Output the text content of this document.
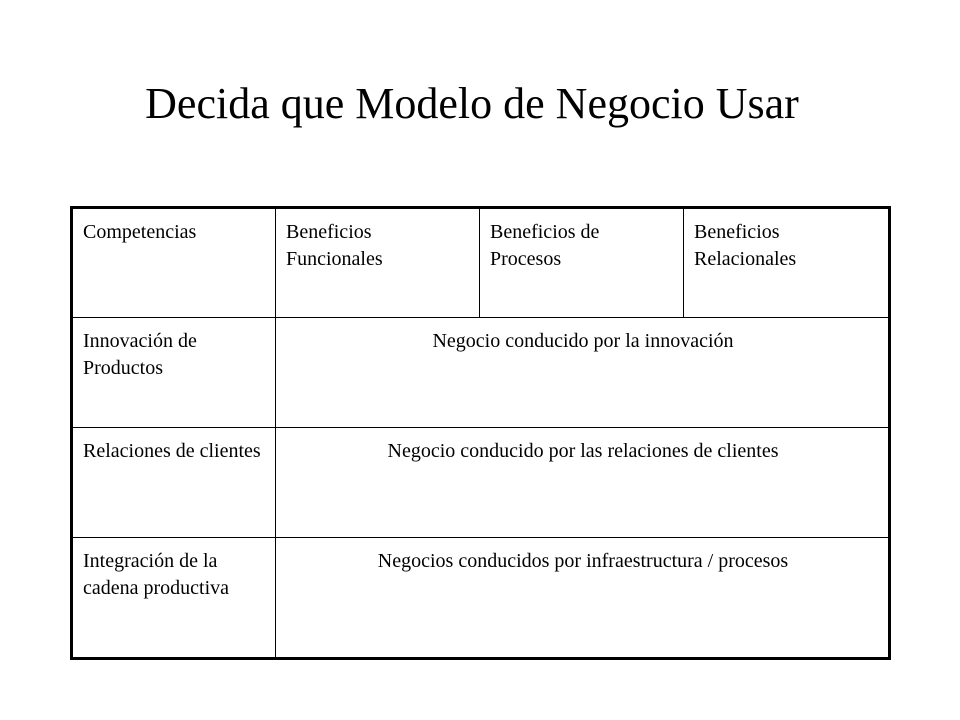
Decida que Modelo de Negocio Usar
Competencias	Beneficios Funcionales	Beneficios de Procesos	Beneficios Relacionales
Innovación de Productos	Negocio conducido por la innovación		
Relaciones de clientes	Negocio conducido por las relaciones de clientes		
Integración de la cadena productiva	Negocios conducidos por infraestructura / procesos		
